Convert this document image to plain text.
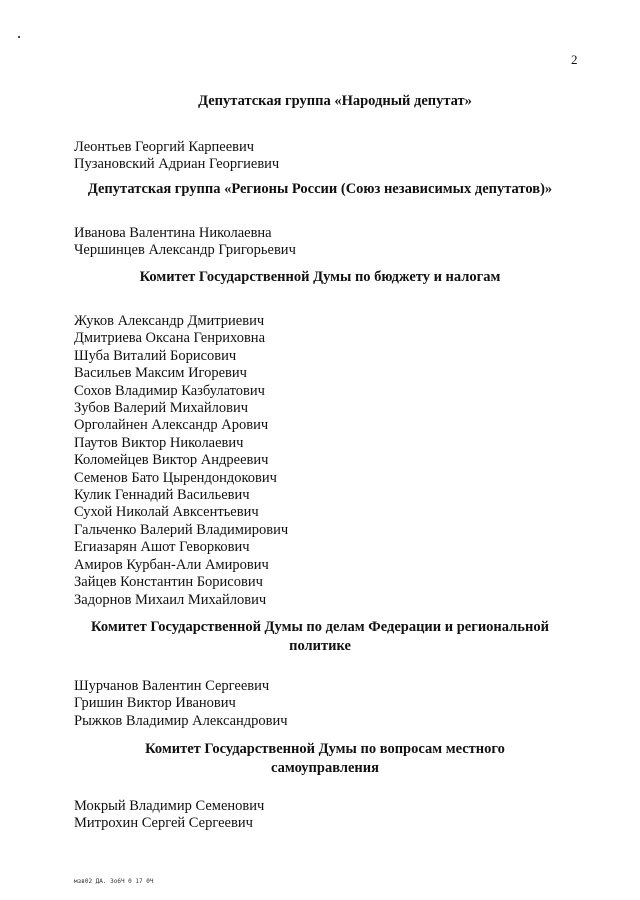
2

Депутатская группа «Народный депутат»

Леонтьев Георгий Карпеевич
Пузановский Адриан Георгиевич

Депутатская группа «Регионы России (Союз независимых депутатов)»

Иванова Валентина Николаевна
Чершинцев Александр Григорьевич

Комитет Государственной Думы по бюджету и налогам

Жуков Александр Дмитриевич
Дмитриева Оксана Генриховна
Шуба Виталий Борисович
Васильев Максим Игоревич
Сохов Владимир Казбулатович
Зубов Валерий Михайлович
Орголайнен Александр Арович
Паутов Виктор Николаевич
Коломейцев Виктор Андреевич
Семенов Бато Цырендондокович
Кулик Геннадий Васильевич
Сухой Николай Авксентьевич
Гальченко Валерий Владимирович
Егиазарян Ашот Геворкович
Амиров Курбан-Али Амирович
Зайцев Константин Борисович
Задорнов Михаил Михайлович

Комитет Государственной Думы по делам Федерации и региональной политике

Шурчанов Валентин Сергеевич
Гришин Виктор Иванович
Рыжков Владимир Александрович

Комитет Государственной Думы по вопросам местного самоуправления

Мокрый Владимир Семенович
Митрохин Сергей Сергеевич
мзв02 ДА. 3о6Ч 0 17 0Ч
